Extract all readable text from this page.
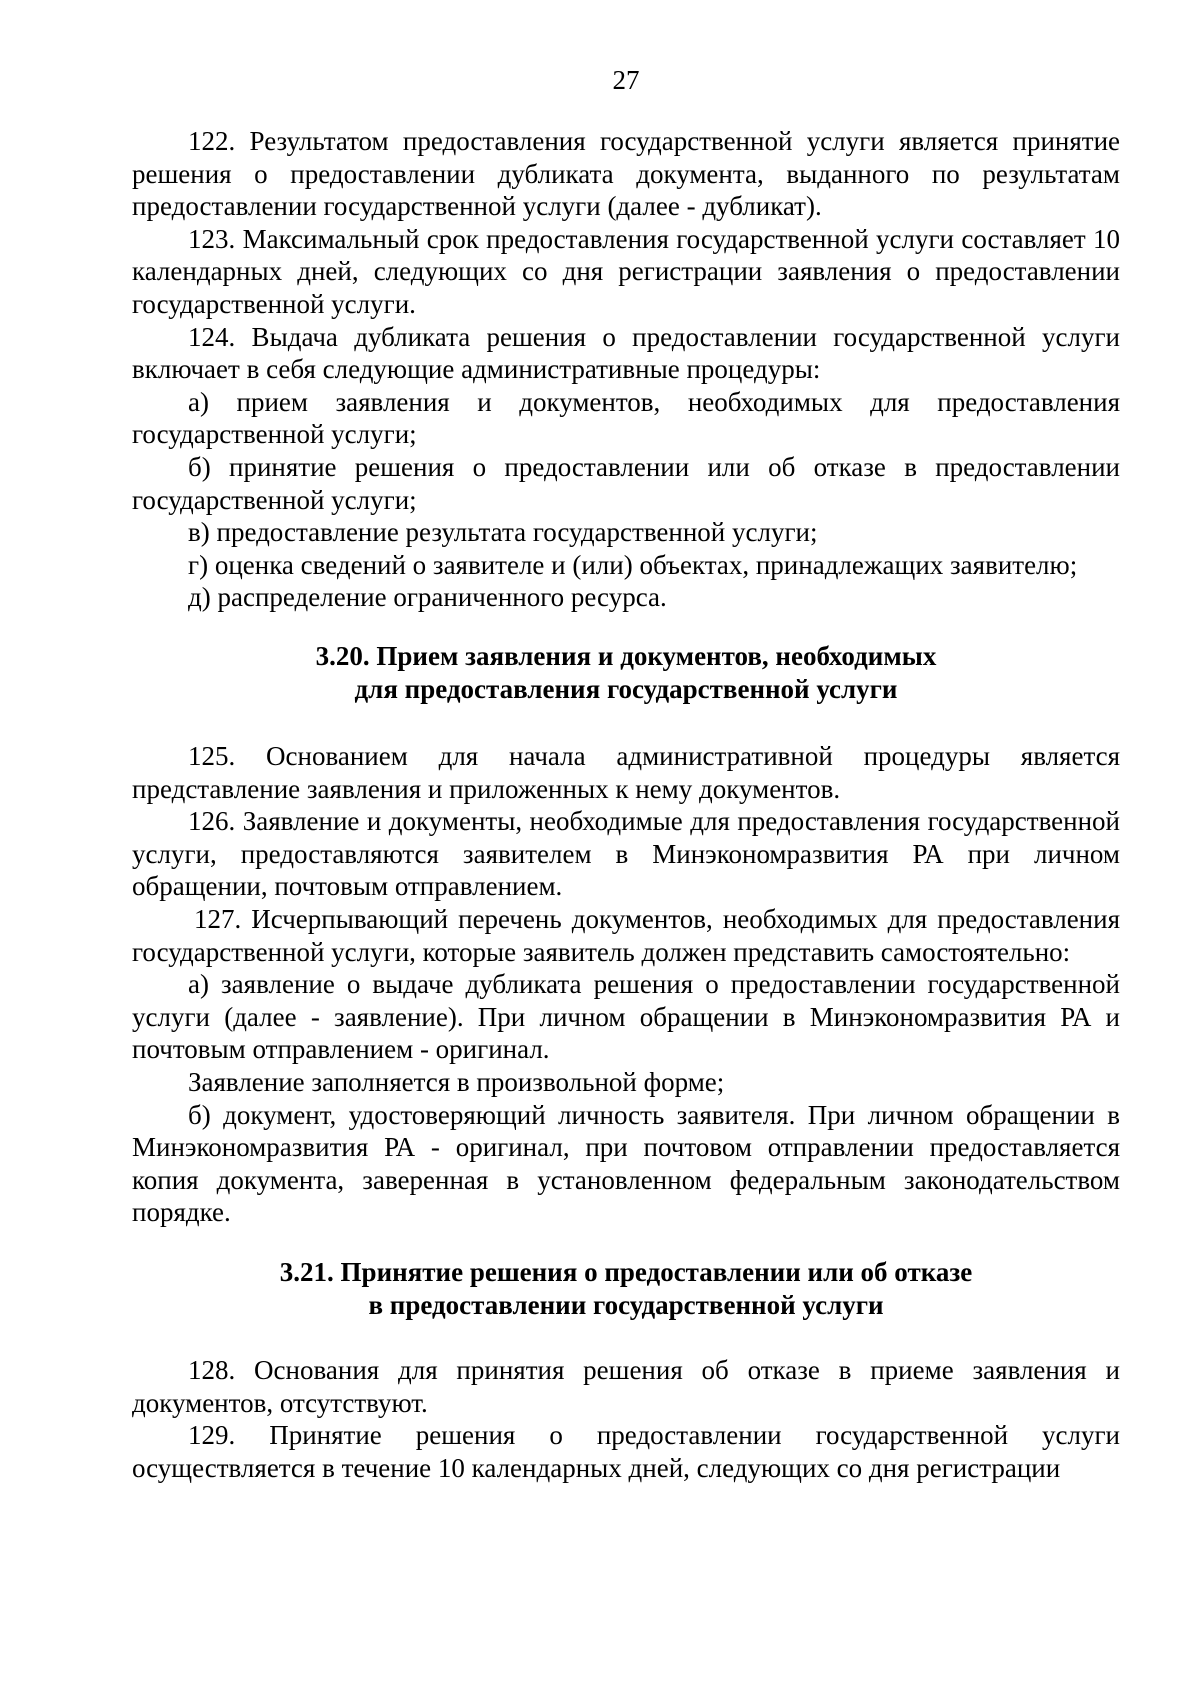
27

122. Результатом предоставления государственной услуги является принятие решения о предоставлении дубликата документа, выданного по результатам предоставлении государственной услуги (далее - дубликат).

123. Максимальный срок предоставления государственной услуги составляет 10 календарных дней, следующих со дня регистрации заявления о предоставлении государственной услуги.

124. Выдача дубликата решения о предоставлении государственной услуги включает в себя следующие административные процедуры:

а) прием заявления и документов, необходимых для предоставления государственной услуги;

б) принятие решения о предоставлении или об отказе в предоставлении государственной услуги;

в) предоставление результата государственной услуги;

г) оценка сведений о заявителе и (или) объектах, принадлежащих заявителю;

д) распределение ограниченного ресурса.

3.20. Прием заявления и документов, необходимых
для предоставления государственной услуги

125. Основанием для начала административной процедуры является представление заявления и приложенных к нему документов.

126. Заявление и документы, необходимые для предоставления государственной услуги, предоставляются заявителем в Минэкономразвития РА при личном обращении, почтовым отправлением.

127. Исчерпывающий перечень документов, необходимых для предоставления государственной услуги, которые заявитель должен представить самостоятельно:

а) заявление о выдаче дубликата решения о предоставлении государственной услуги (далее - заявление). При личном обращении в Минэкономразвития РА и почтовым отправлением - оригинал.

Заявление заполняется в произвольной форме;

б) документ, удостоверяющий личность заявителя. При личном обращении в Минэкономразвития РА - оригинал, при почтовом отправлении предоставляется копия документа, заверенная в установленном федеральным законодательством порядке.

3.21. Принятие решения о предоставлении или об отказе
в предоставлении государственной услуги

128. Основания для принятия решения об отказе в приеме заявления и документов, отсутствуют.

129. Принятие решения о предоставлении государственной услуги осуществляется в течение 10 календарных дней, следующих со дня регистрации
